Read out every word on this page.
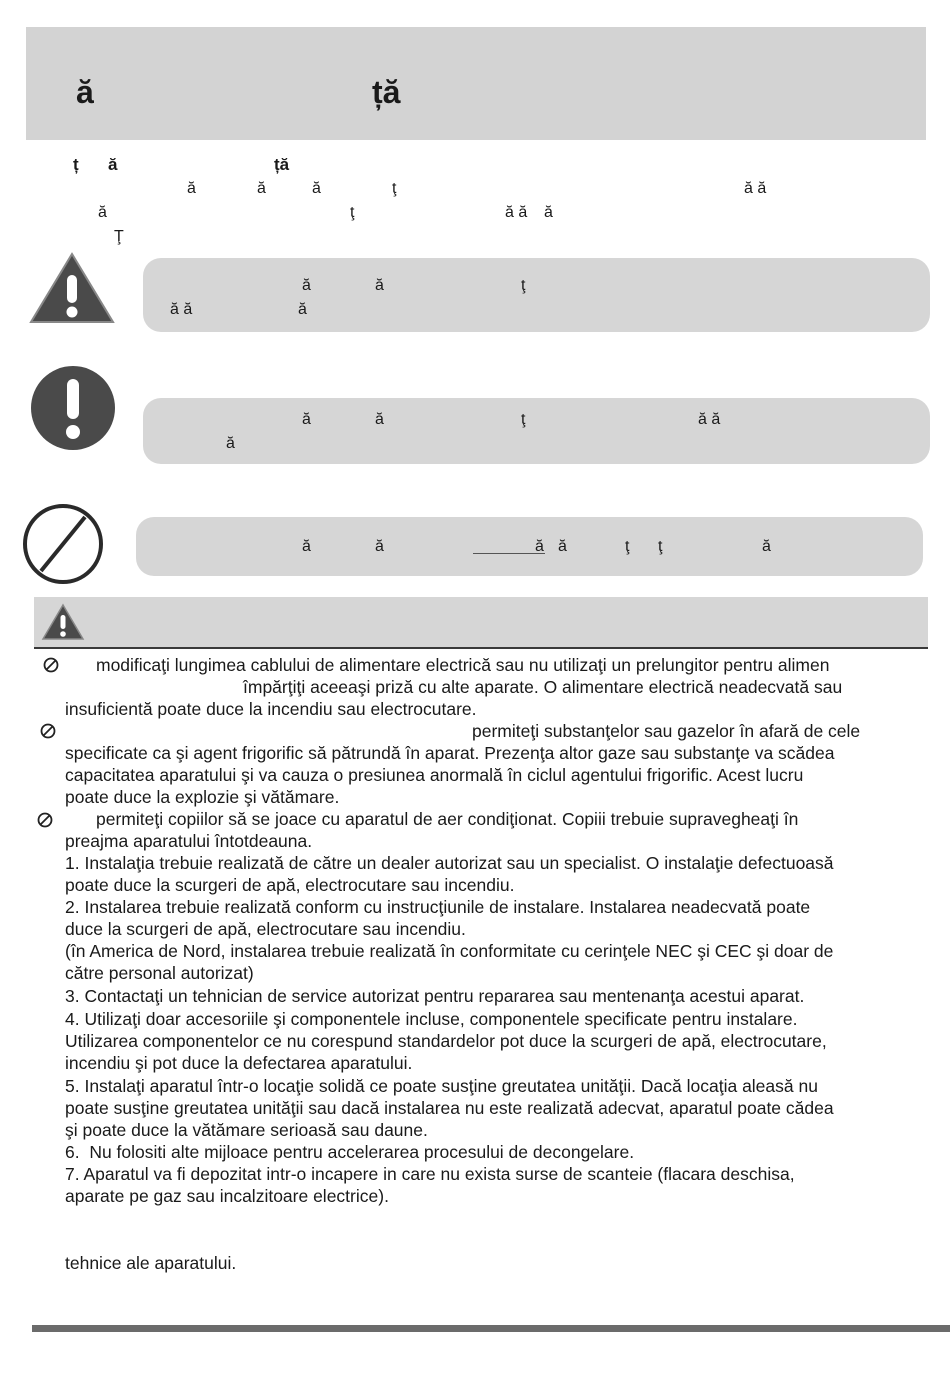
ă	ță
ț ă	ță
ă	ă	ă	ţ	ă ă
ă	ţ	ă ă ă
Ţ
ă	ă	ţ
ă ă	ă
ă	ă	ţ	ă ă
ă
ă	ă	ă ă	ţ ţ	ă
modificaţi lungimea cablului de alimentare electrică sau nu utilizaţi un prelungitor pentru alimen
împărţiţi aceeaşi priză cu alte aparate. O alimentare electrică neadecvată sau
insuficientă poate duce la incendiu sau electrocutare.
permiteţi substanţelor sau gazelor în afară de cele
specificate ca şi agent frigorific să pătrundă în aparat. Prezenţa altor gaze sau substanţe va scădea
capacitatea aparatului şi va cauza o presiunea anormală în ciclul agentului frigorific. Acest lucru
poate duce la explozie şi vătămare.
permiteţi copiilor să se joace cu aparatul de aer condiţionat. Copiii trebuie supravegheaţi în
preajma aparatului întotdeauna.
1. Instalaţia trebuie realizată de către un dealer autorizat sau un specialist. O instalaţie defectuoasă
poate duce la scurgeri de apă, electrocutare sau incendiu.
2. Instalarea trebuie realizată conform cu instrucţiunile de instalare. Instalarea neadecvată poate
duce la scurgeri de apă, electrocutare sau incendiu.
(în America de Nord, instalarea trebuie realizată în conformitate cu cerinţele NEC şi CEC şi doar de
către personal autorizat)
3. Contactaţi un tehnician de service autorizat pentru repararea sau mentenanţa acestui aparat.
4. Utilizaţi doar accesoriile şi componentele incluse, componentele specificate pentru instalare.
Utilizarea componentelor ce nu corespund standardelor pot duce la scurgeri de apă, electrocutare,
incendiu şi pot duce la defectarea aparatului.
5. Instalaţi aparatul într-o locaţie solidă ce poate susţine greutatea unităţii. Dacă locaţia aleasă nu
poate susţine greutatea unităţii sau dacă instalarea nu este realizată adecvat, aparatul poate cădea
şi poate duce la vătămare serioasă sau daune.
6.  Nu folositi alte mijloace pentru accelerarea procesului de decongelare.
7. Aparatul va fi depozitat intr-o incapere in care nu exista surse de scanteie (flacara deschisa,
aparate pe gaz sau incalzitoare electrice).
tehnice ale aparatului.
